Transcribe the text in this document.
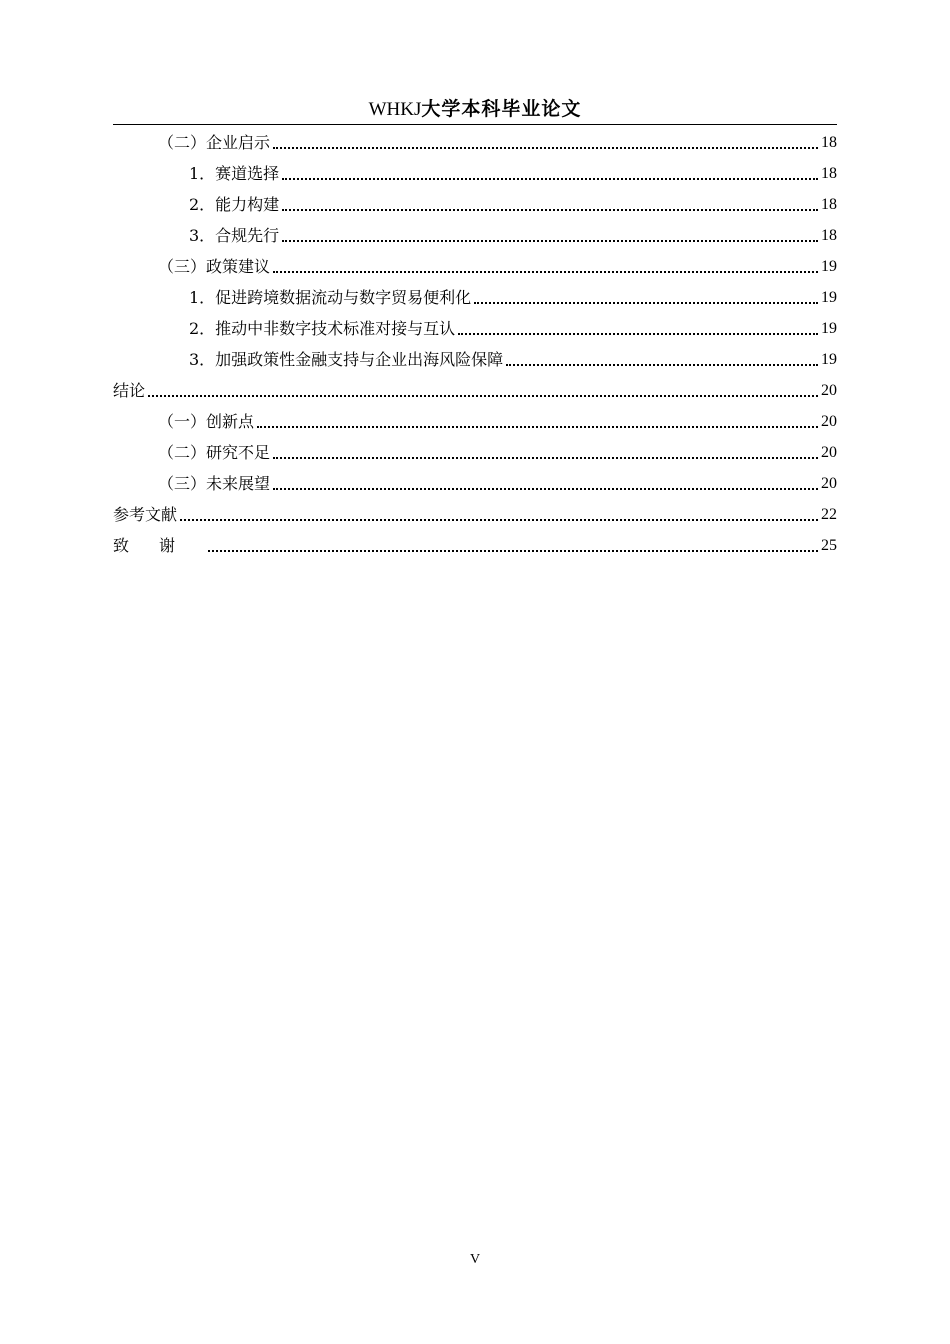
WHKJ大学本科毕业论文
（二）企业启示	18
1．赛道选择	18
2．能力构建	18
3．合规先行	18
（三）政策建议	19
1．促进跨境数据流动与数字贸易便利化	19
2．推动中非数字技术标准对接与互认	19
3．加强政策性金融支持与企业出海风险保障	19
结论	20
（一）创新点	20
（二）研究不足	20
（三）未来展望	20
参考文献	22
致谢	25
V
